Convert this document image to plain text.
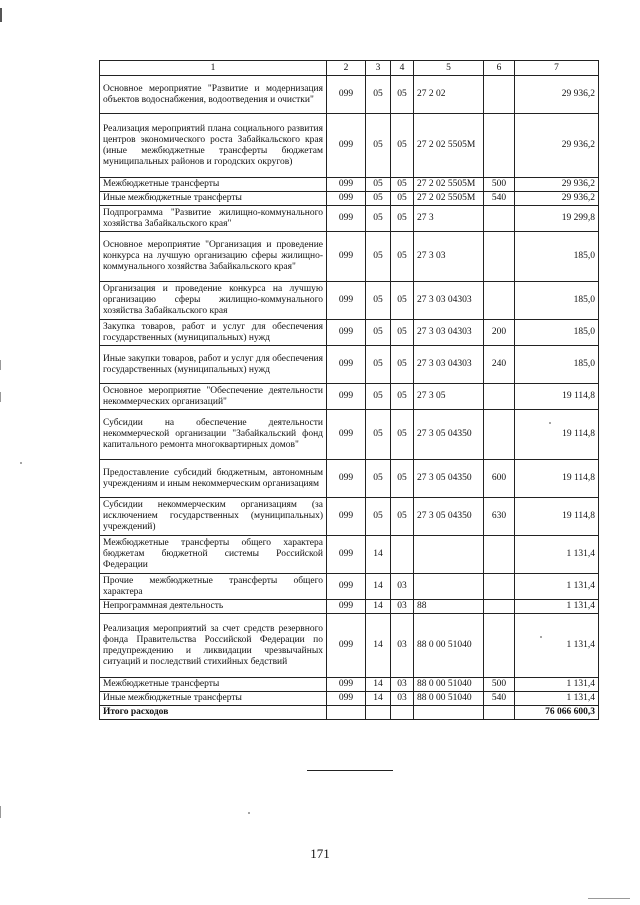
1	2	3	4	5	6	7
Основное мероприятие "Развитие и модернизация объектов водоснабжения, водоотведения и очистки"	099	05	05	27 2 02		29 936,2
Реализация мероприятий плана социального развития центров экономического роста Забайкальского края (иные межбюджетные трансферты бюджетам муниципальных районов и городских округов)	099	05	05	27 2 02 5505М		29 936,2
Межбюджетные трансферты	099	05	05	27 2 02 5505М	500	29 936,2
Иные межбюджетные трансферты	099	05	05	27 2 02 5505М	540	29 936,2
Подпрограмма "Развитие жилищно-коммунального хозяйства Забайкальского края"	099	05	05	27 3		19 299,8
Основное мероприятие "Организация и проведение конкурса на лучшую организацию сферы жилищно-коммунального хозяйства Забайкальского края"	099	05	05	27 3 03		185,0
Организация и проведение конкурса на лучшую организацию сферы жилищно-коммунального хозяйства Забайкальского края	099	05	05	27 3 03 04303		185,0
Закупка товаров, работ и услуг для обеспечения государственных (муниципальных) нужд	099	05	05	27 3 03 04303	200	185,0
Иные закупки товаров, работ и услуг для обеспечения государственных (муниципальных) нужд	099	05	05	27 3 03 04303	240	185,0
Основное мероприятие "Обеспечение деятельности некоммерческих организаций"	099	05	05	27 3 05		19 114,8
Субсидии на обеспечение деятельности некоммерческой организации "Забайкальский фонд капитального ремонта многоквартирных домов"	099	05	05	27 3 05 04350		19 114,8
Предоставление субсидий бюджетным, автономным учреждениям и иным некоммерческим организациям	099	05	05	27 3 05 04350	600	19 114,8
Субсидии некоммерческим организациям (за исключением государственных (муниципальных) учреждений)	099	05	05	27 3 05 04350	630	19 114,8
Межбюджетные трансферты общего характера бюджетам бюджетной системы Российской Федерации	099	14				1 131,4
Прочие межбюджетные трансферты общего характера	099	14	03			1 131,4
Непрограммная деятельность	099	14	03	88		1 131,4
Реализация мероприятий за счет средств резервного фонда Правительства Российской Федерации по предупреждению и ликвидации чрезвычайных ситуаций и последствий стихийных бедствий	099	14	03	88 0 00 51040		1 131,4
Межбюджетные трансферты	099	14	03	88 0 00 51040	500	1 131,4
Иные межбюджетные трансферты	099	14	03	88 0 00 51040	540	1 131,4
Итого расходов						76 066 600,3
171
